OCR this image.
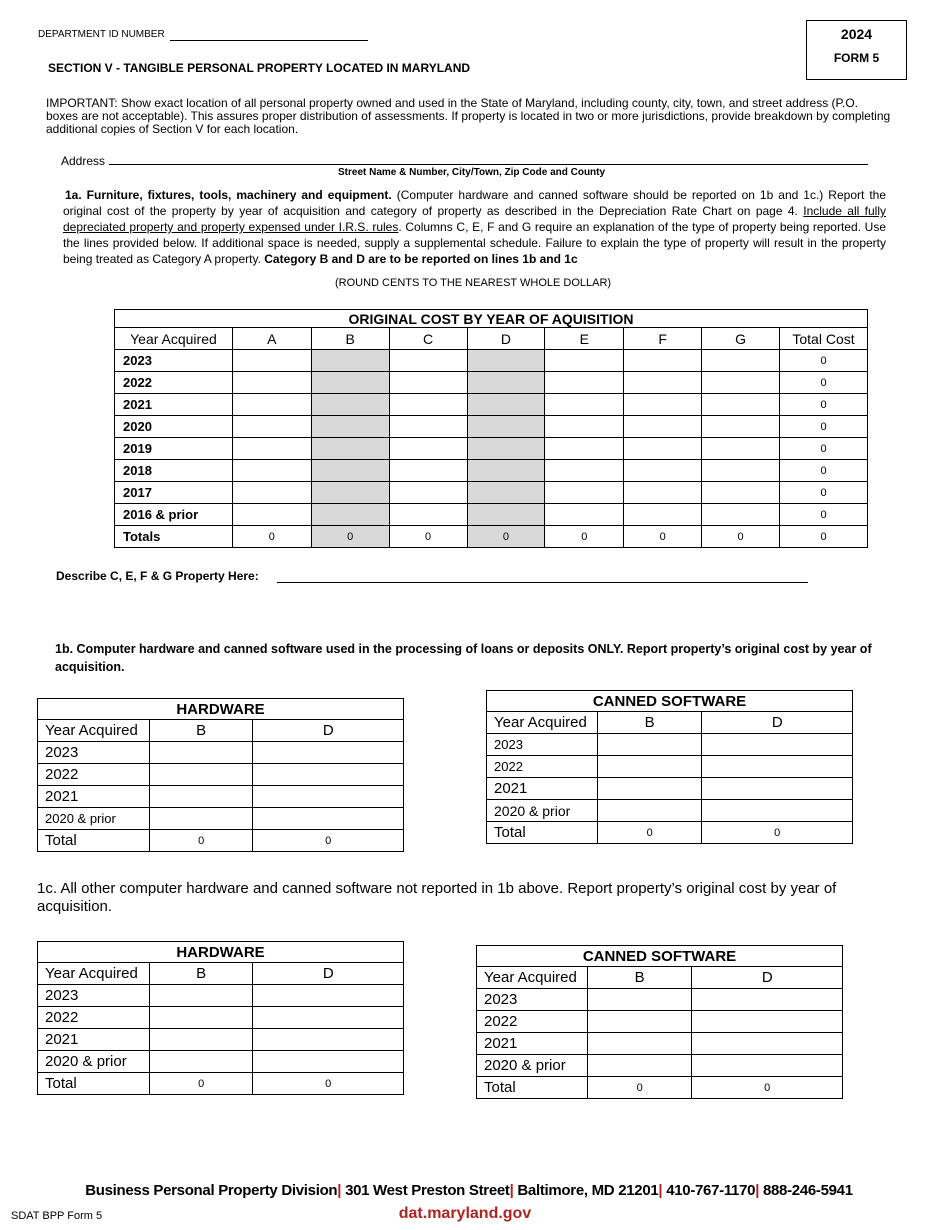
DEPARTMENT ID NUMBER	2024
FORM 5
SECTION V - TANGIBLE PERSONAL PROPERTY LOCATED IN MARYLAND
IMPORTANT: Show exact location of all personal property owned and used in the State of Maryland, including county, city, town, and street address (P.O. boxes are not acceptable). This assures proper distribution of assessments. If property is located in two or more jurisdictions, provide breakdown by completing additional copies of Section V for each location.
Address
Street Name & Number, City/Town, Zip Code and County
1a. Furniture, fixtures, tools, machinery and equipment. (Computer hardware and canned software should be reported on 1b and 1c.) Report the original cost of the property by year of acquisition and category of property as described in the Depreciation Rate Chart on page 4. Include all fully depreciated property and property expensed under I.R.S. rules. Columns C, E, F and G require an explanation of the type of property being reported. Use the lines provided below. If additional space is needed, supply a supplemental schedule. Failure to explain the type of property will result in the property being treated as Category A property. Category B and D are to be reported on lines 1b and 1c
(ROUND CENTS TO THE NEAREST WHOLE DOLLAR)
ORIGINAL COST BY YEAR OF AQUISITION								
Year Acquired	A	B	C	D	E	F	G	Total Cost
2023								0
2022								0
2021								0
2020								0
2019								0
2018								0
2017								0
2016 & prior								0
Totals	0	0	0	0	0	0	0	0
Describe C, E, F & G Property Here:
1b. Computer hardware and canned software used in the processing of loans or deposits ONLY. Report property’s original cost by year of acquisition.
HARDWARE		
Year Acquired	B	D
2023		
2022		
2021		
2020 & prior		
Total	0	0
CANNED SOFTWARE		
Year Acquired	B	D
2023		
2022		
2021		
2020 & prior		
Total	0	0
1c. All other computer hardware and canned software not reported in 1b above. Report property’s original cost by year of acquisition.
HARDWARE		
Year Acquired	B	D
2023		
2022		
2021		
2020 & prior		
Total	0	0
CANNED SOFTWARE		
Year Acquired	B	D
2023		
2022		
2021		
2020 & prior		
Total	0	0
Business Personal Property Division| 301 West Preston Street| Baltimore, MD 21201| 410-767-1170| 888-246-5941
dat.maryland.gov
SDAT BPP Form 5
